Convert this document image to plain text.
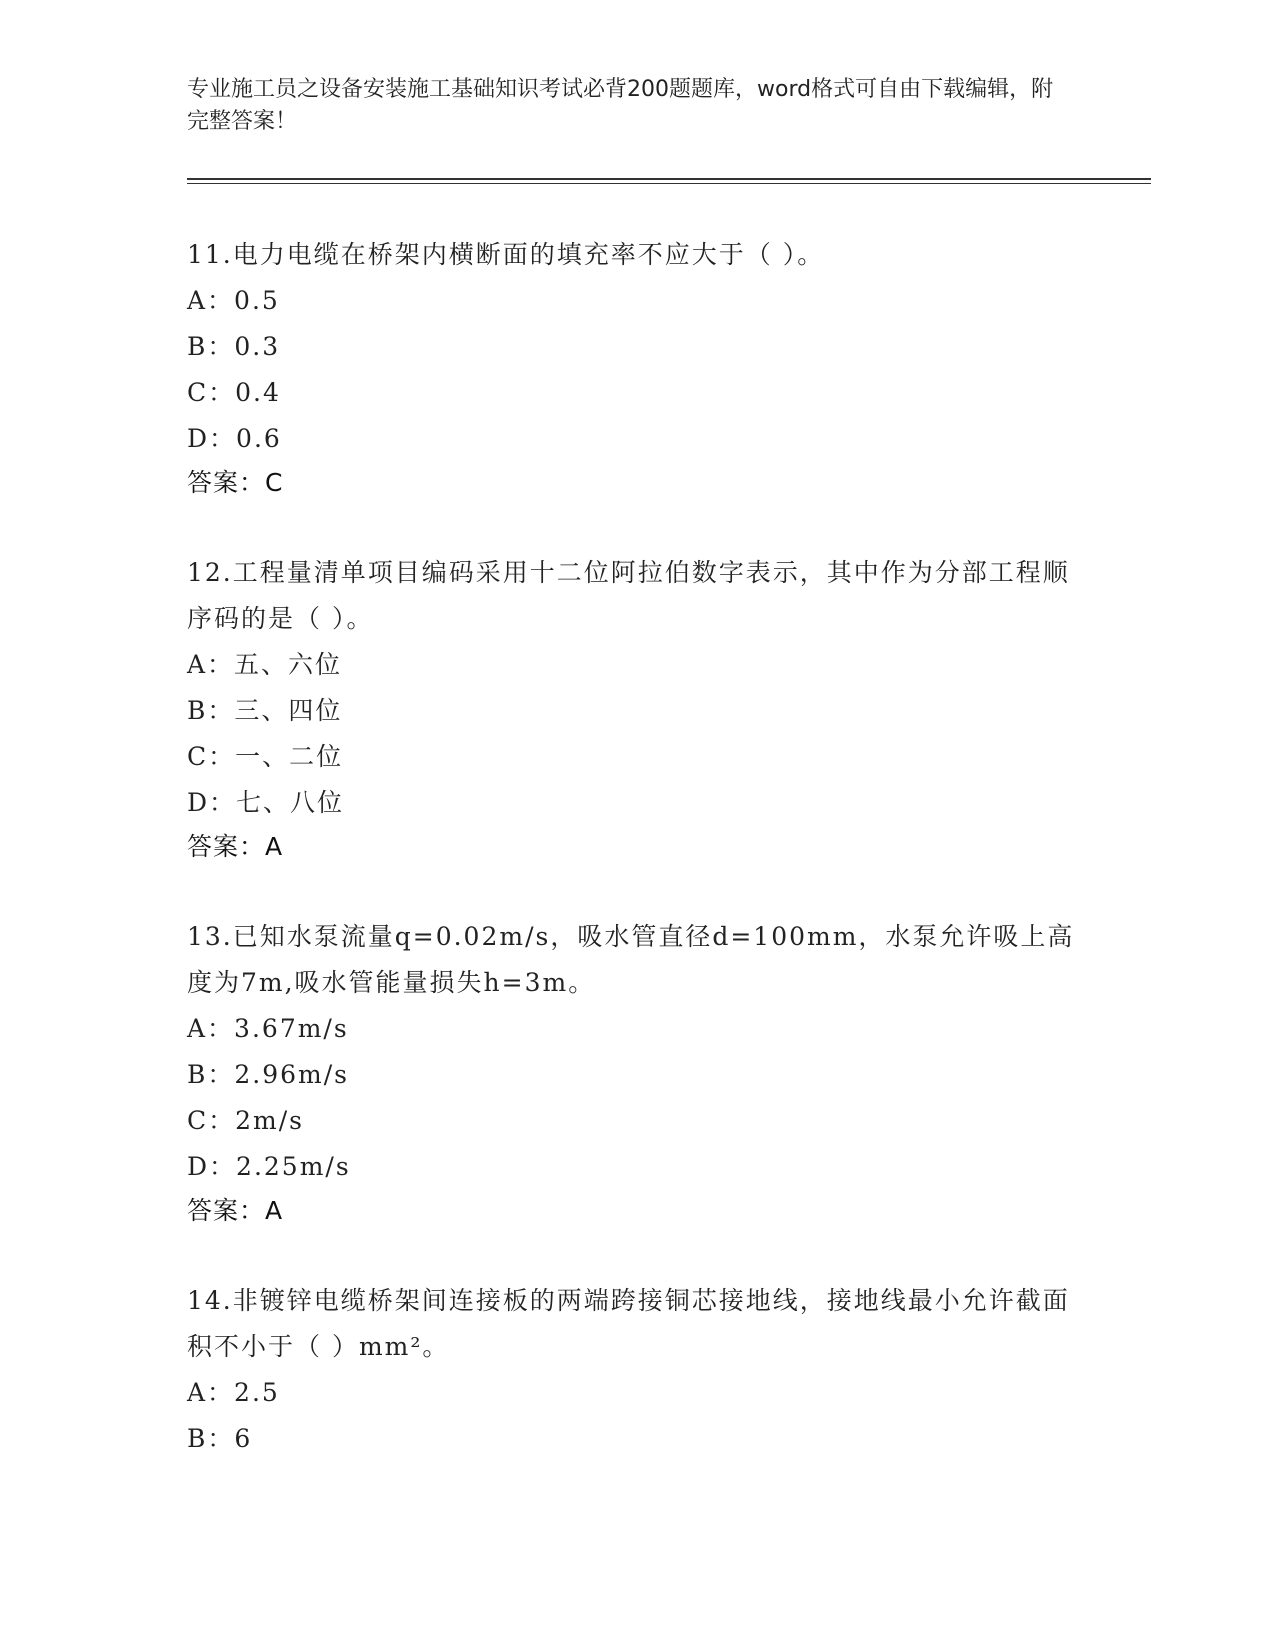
专业施工员之设备安装施工基础知识考试必背200题题库，word格式可自由下载编辑，附完整答案！
11.电力电缆在桥架内横断面的填充率不应大于（ ）。
A：0.5
B：0.3
C：0.4
D：0.6
答案：C
12.工程量清单项目编码采用十二位阿拉伯数字表示，其中作为分部工程顺序码的是（ ）。
A：五、六位
B：三、四位
C：一、二位
D：七、八位
答案：A
13.已知水泵流量q=0.02m/s，吸水管直径d=100mm，水泵允许吸上高度为7m,吸水管能量损失h=3m。
A：3.67m/s
B：2.96m/s
C：2m/s
D：2.25m/s
答案：A
14.非镀锌电缆桥架间连接板的两端跨接铜芯接地线，接地线最小允许截面积不小于（ ）mm²。
A：2.5
B：6
